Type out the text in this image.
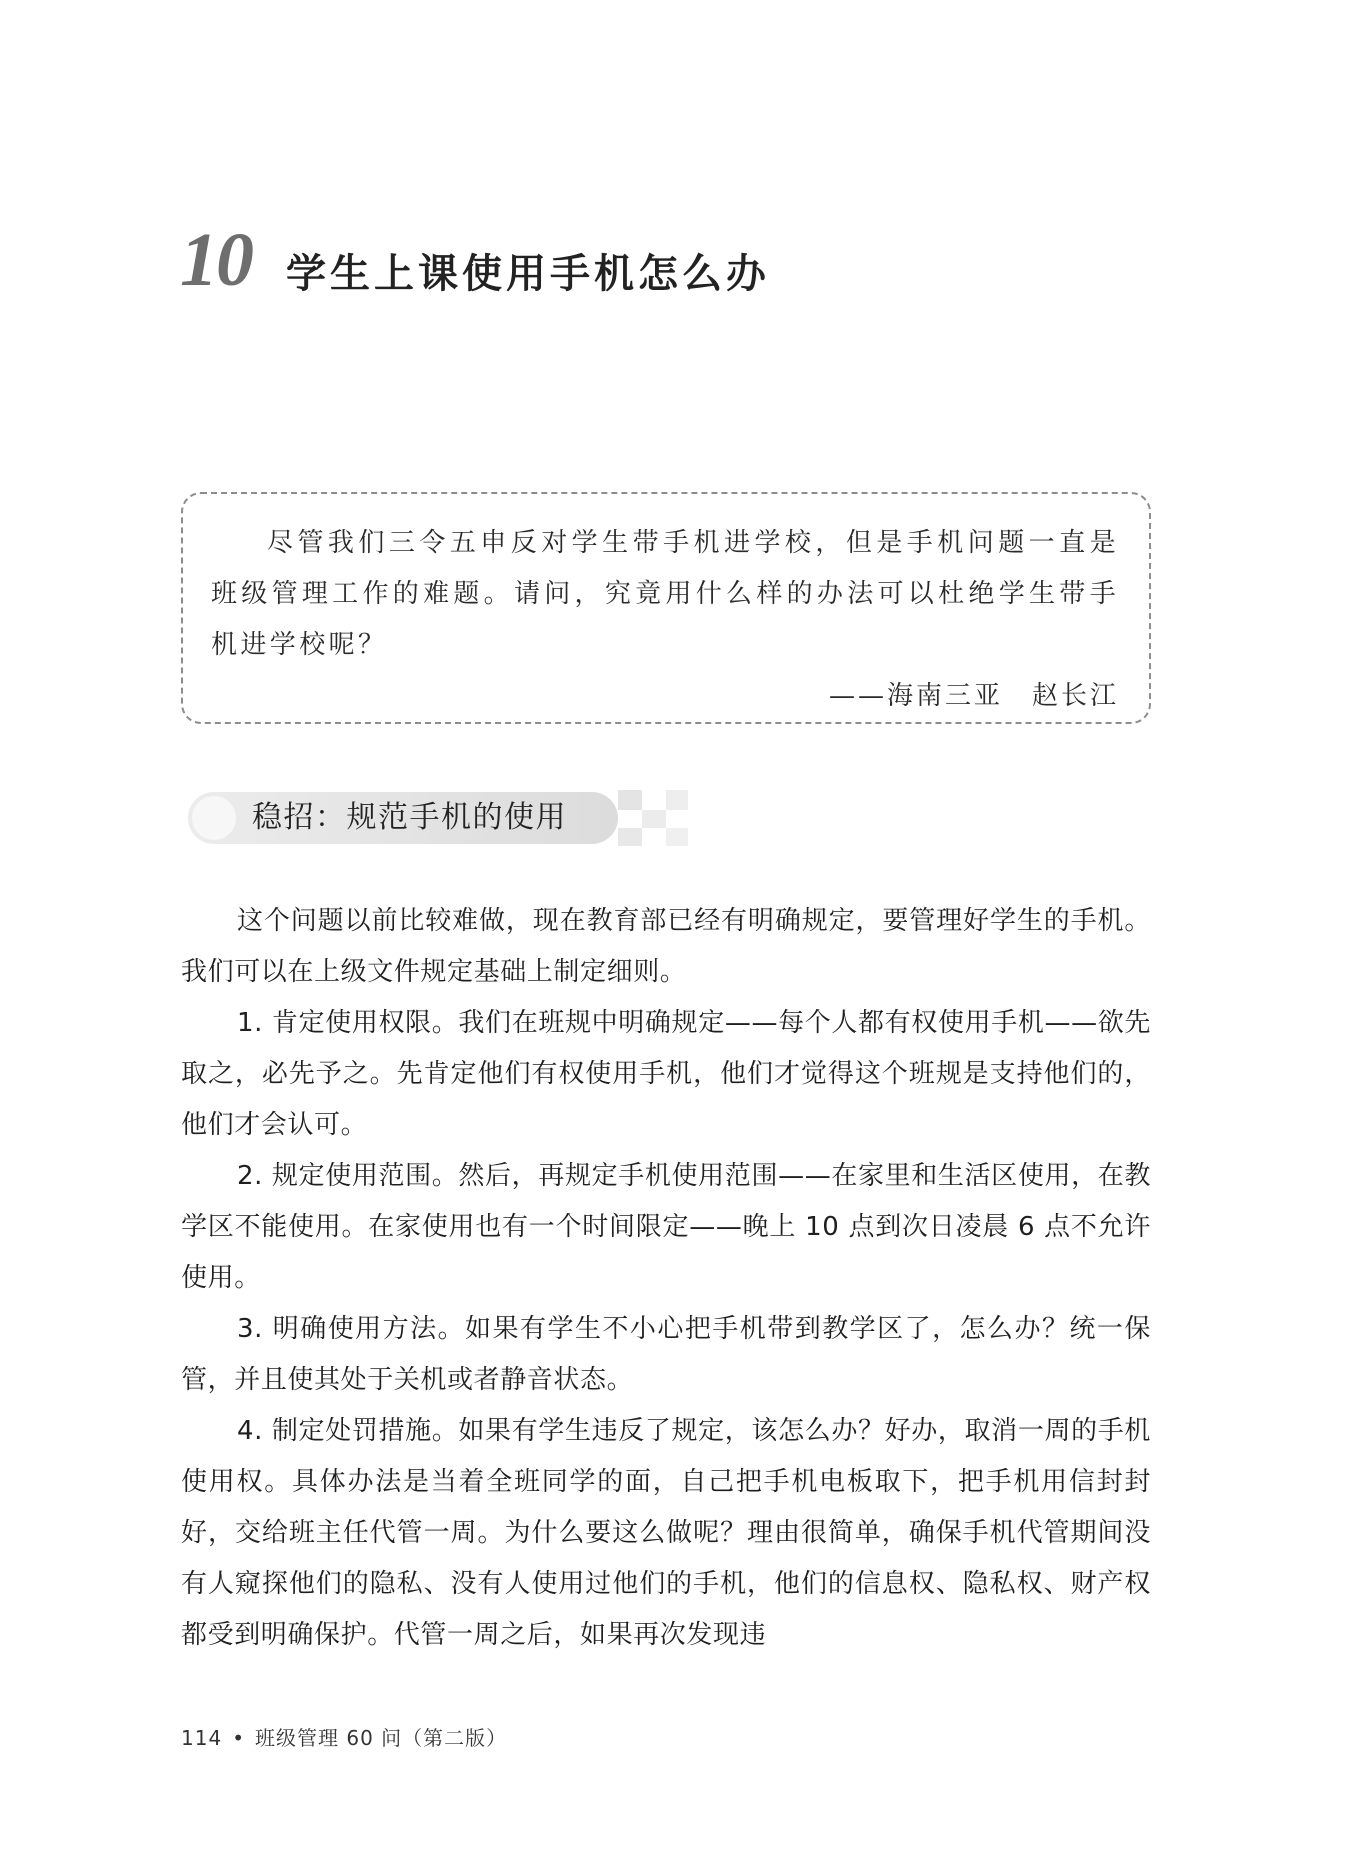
10 学生上课使用手机怎么办

尽管我们三令五申反对学生带手机进学校，但是手机问题一直是班级管理工作的难题。请问，究竟用什么样的办法可以杜绝学生带手机进学校呢？

——海南三亚　赵长江

稳招：规范手机的使用

这个问题以前比较难做，现在教育部已经有明确规定，要管理好学生的手机。我们可以在上级文件规定基础上制定细则。

1. 肯定使用权限。我们在班规中明确规定——每个人都有权使用手机——欲先取之，必先予之。先肯定他们有权使用手机，他们才觉得这个班规是支持他们的，他们才会认可。

2. 规定使用范围。然后，再规定手机使用范围——在家里和生活区使用，在教学区不能使用。在家使用也有一个时间限定——晚上 10 点到次日凌晨 6 点不允许使用。

3. 明确使用方法。如果有学生不小心把手机带到教学区了，怎么办？统一保管，并且使其处于关机或者静音状态。

4. 制定处罚措施。如果有学生违反了规定，该怎么办？好办，取消一周的手机使用权。具体办法是当着全班同学的面，自己把手机电板取下，把手机用信封封好，交给班主任代管一周。为什么要这么做呢？理由很简单，确保手机代管期间没有人窥探他们的隐私、没有人使用过他们的手机，他们的信息权、隐私权、财产权都受到明确保护。代管一周之后，如果再次发现违

114 • 班级管理 60 问（第二版）
